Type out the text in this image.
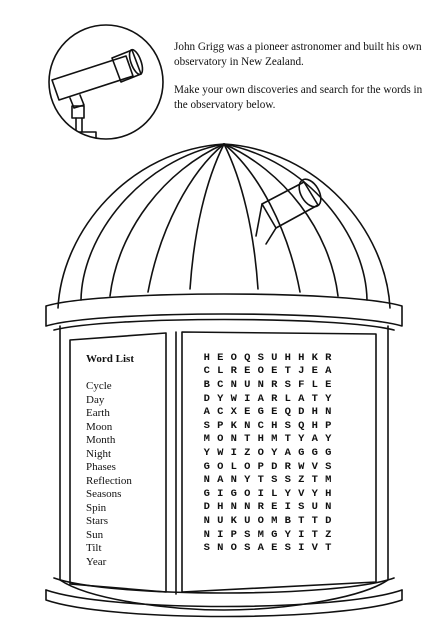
John Grigg was a pioneer astronomer and built his own observatory in New Zealand.

Make your own discoveries and search for the words in the observatory below.

Word List
Cycle
Day
Earth
Moon
Month
Night
Phases
Reflection
Seasons
Spin
Stars
Sun
Tilt
Year
H	E	O	Q	S	U	H	H	K	R
C	L	R	E	O	E	T	J	E	A
B	C	N	U	N	R	S	F	L	E
D	Y	W	I	A	R	L	A	T	Y
A	C	X	E	G	E	Q	D	H	N
S	P	K	N	C	H	S	Q	H	P
M	O	N	T	H	M	T	Y	A	Y
Y	W	I	Z	O	Y	A	G	G	G
G	O	L	O	P	D	R	W	V	S
N	A	N	Y	T	S	S	Z	T	M
G	I	G	O	I	L	Y	V	Y	H
D	H	N	N	R	E	I	S	U	N
N	U	K	U	O	M	B	T	T	D
N	I	P	S	M	G	Y	I	T	Z
S	N	O	S	A	E	S	I	V	T
